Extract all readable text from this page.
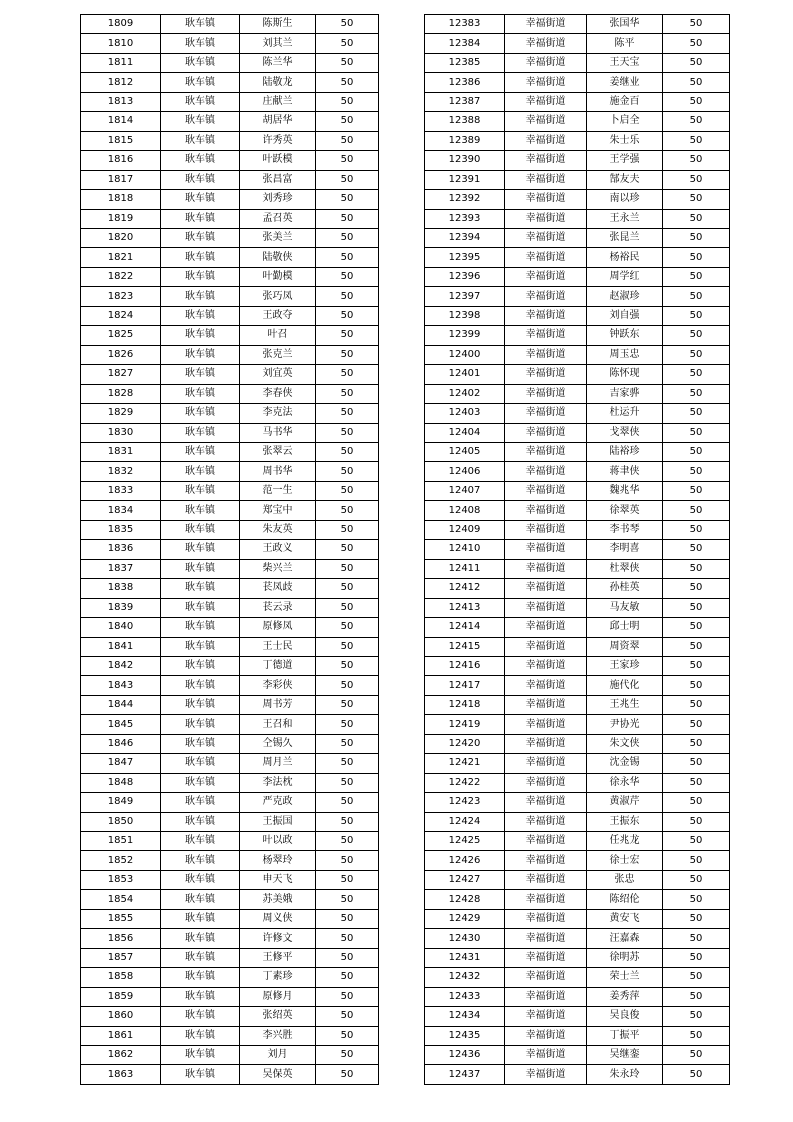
1809	耿车镇	陈斯生	50
1810	耿车镇	刘其兰	50
1811	耿车镇	陈兰华	50
1812	耿车镇	陆敬龙	50
1813	耿车镇	庄献兰	50
1814	耿车镇	胡居华	50
1815	耿车镇	许秀英	50
1816	耿车镇	叶跃模	50
1817	耿车镇	张昌富	50
1818	耿车镇	刘秀珍	50
1819	耿车镇	孟召英	50
1820	耿车镇	张美兰	50
1821	耿车镇	陆敬侠	50
1822	耿车镇	叶勤模	50
1823	耿车镇	张巧凤	50
1824	耿车镇	王政夺	50
1825	耿车镇	叶召	50
1826	耿车镇	张克兰	50
1827	耿车镇	刘宜英	50
1828	耿车镇	李春侠	50
1829	耿车镇	李克法	50
1830	耿车镇	马书华	50
1831	耿车镇	张翠云	50
1832	耿车镇	周书华	50
1833	耿车镇	范一生	50
1834	耿车镇	郑宝中	50
1835	耿车镇	朱友英	50
1836	耿车镇	王政义	50
1837	耿车镇	柴兴兰	50
1838	耿车镇	苌凤歧	50
1839	耿车镇	苌云录	50
1840	耿车镇	原修凤	50
1841	耿车镇	王士民	50
1842	耿车镇	丁德道	50
1843	耿车镇	李彩侠	50
1844	耿车镇	周书芳	50
1845	耿车镇	王召和	50
1846	耿车镇	仝锡久	50
1847	耿车镇	周月兰	50
1848	耿车镇	李法枕	50
1849	耿车镇	严克政	50
1850	耿车镇	王振国	50
1851	耿车镇	叶以政	50
1852	耿车镇	杨翠玲	50
1853	耿车镇	申天飞	50
1854	耿车镇	苏美娥	50
1855	耿车镇	周义侠	50
1856	耿车镇	许修文	50
1857	耿车镇	王修平	50
1858	耿车镇	丁素珍	50
1859	耿车镇	原修月	50
1860	耿车镇	张绍英	50
1861	耿车镇	李兴胜	50
1862	耿车镇	刘月	50
1863	耿车镇	吴保英	50
12383	幸福街道	张国华	50
12384	幸福街道	陈平	50
12385	幸福街道	王天宝	50
12386	幸福街道	姜继业	50
12387	幸福街道	施金百	50
12388	幸福街道	卜启全	50
12389	幸福街道	朱士乐	50
12390	幸福街道	王学强	50
12391	幸福街道	郜友夫	50
12392	幸福街道	南以珍	50
12393	幸福街道	王永兰	50
12394	幸福街道	张昆兰	50
12395	幸福街道	杨裕民	50
12396	幸福街道	周学红	50
12397	幸福街道	赵淑珍	50
12398	幸福街道	刘自强	50
12399	幸福街道	钟跃东	50
12400	幸福街道	周玉忠	50
12401	幸福街道	陈怀现	50
12402	幸福街道	吉家骅	50
12403	幸福街道	杜运升	50
12404	幸福街道	戈翠侠	50
12405	幸福街道	陆裕珍	50
12406	幸福街道	蒋聿侠	50
12407	幸福街道	魏兆华	50
12408	幸福街道	徐翠英	50
12409	幸福街道	李书琴	50
12410	幸福街道	李明喜	50
12411	幸福街道	杜翠侠	50
12412	幸福街道	孙桂英	50
12413	幸福街道	马友敏	50
12414	幸福街道	邱士明	50
12415	幸福街道	周资翠	50
12416	幸福街道	王家珍	50
12417	幸福街道	施代化	50
12418	幸福街道	王兆生	50
12419	幸福街道	尹协光	50
12420	幸福街道	朱文侠	50
12421	幸福街道	沈金锡	50
12422	幸福街道	徐永华	50
12423	幸福街道	黄淑芹	50
12424	幸福街道	王振东	50
12425	幸福街道	任兆龙	50
12426	幸福街道	徐士宏	50
12427	幸福街道	张忠	50
12428	幸福街道	陈绍伦	50
12429	幸福街道	黄安飞	50
12430	幸福街道	汪嘉森	50
12431	幸福街道	徐明苏	50
12432	幸福街道	荣士兰	50
12433	幸福街道	姜秀萍	50
12434	幸福街道	吴良俊	50
12435	幸福街道	丁振平	50
12436	幸福街道	吴继銮	50
12437	幸福街道	朱永玲	50
